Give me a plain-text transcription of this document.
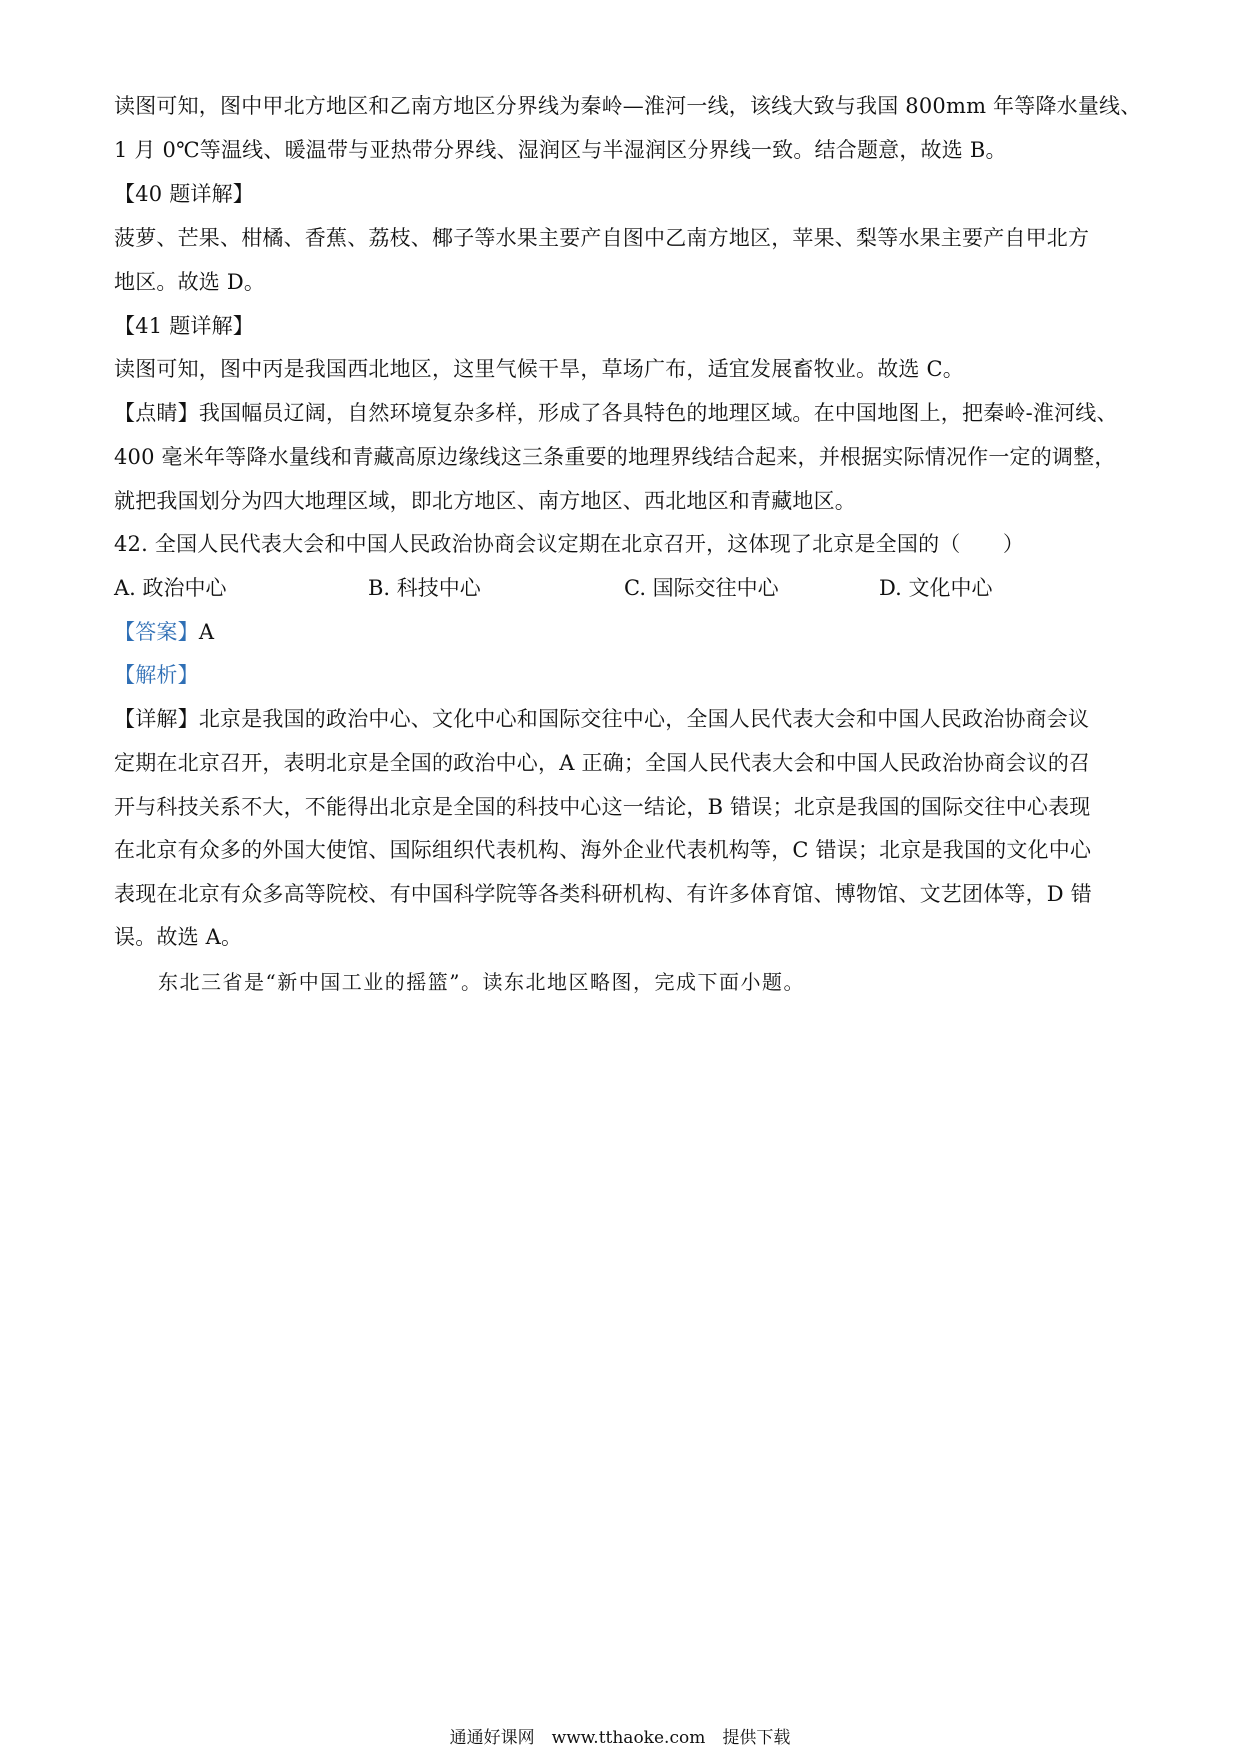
读图可知，图中甲北方地区和乙南方地区分界线为秦岭—淮河一线，该线大致与我国 800mm 年等降水量线、
1 月 0℃等温线、暖温带与亚热带分界线、湿润区与半湿润区分界线一致。结合题意，故选 B。
【40 题详解】
菠萝、芒果、柑橘、香蕉、荔枝、椰子等水果主要产自图中乙南方地区，苹果、梨等水果主要产自甲北方
地区。故选 D。
【41 题详解】
读图可知，图中丙是我国西北地区，这里气候干旱，草场广布，适宜发展畜牧业。故选 C。
【点睛】我国幅员辽阔，自然环境复杂多样，形成了各具特色的地理区域。在中国地图上，把秦岭-淮河线、
400 毫米年等降水量线和青藏高原边缘线这三条重要的地理界线结合起来，并根据实际情况作一定的调整，
就把我国划分为四大地理区域，即北方地区、南方地区、西北地区和青藏地区。
42. 全国人民代表大会和中国人民政治协商会议定期在北京召开，这体现了北京是全国的（　　）
A. 政治中心	B. 科技中心	C. 国际交往中心	D. 文化中心
【答案】A
【解析】
【详解】北京是我国的政治中心、文化中心和国际交往中心，全国人民代表大会和中国人民政治协商会议
定期在北京召开，表明北京是全国的政治中心，A 正确；全国人民代表大会和中国人民政治协商会议的召
开与科技关系不大，不能得出北京是全国的科技中心这一结论，B 错误；北京是我国的国际交往中心表现
在北京有众多的外国大使馆、国际组织代表机构、海外企业代表机构等，C 错误；北京是我国的文化中心
表现在北京有众多高等院校、有中国科学院等各类科研机构、有许多体育馆、博物馆、文艺团体等，D 错
误。故选 A。
东北三省是“新中国工业的摇篮”。读东北地区略图，完成下面小题。
通通好课网　www.tthaoke.com　提供下载
